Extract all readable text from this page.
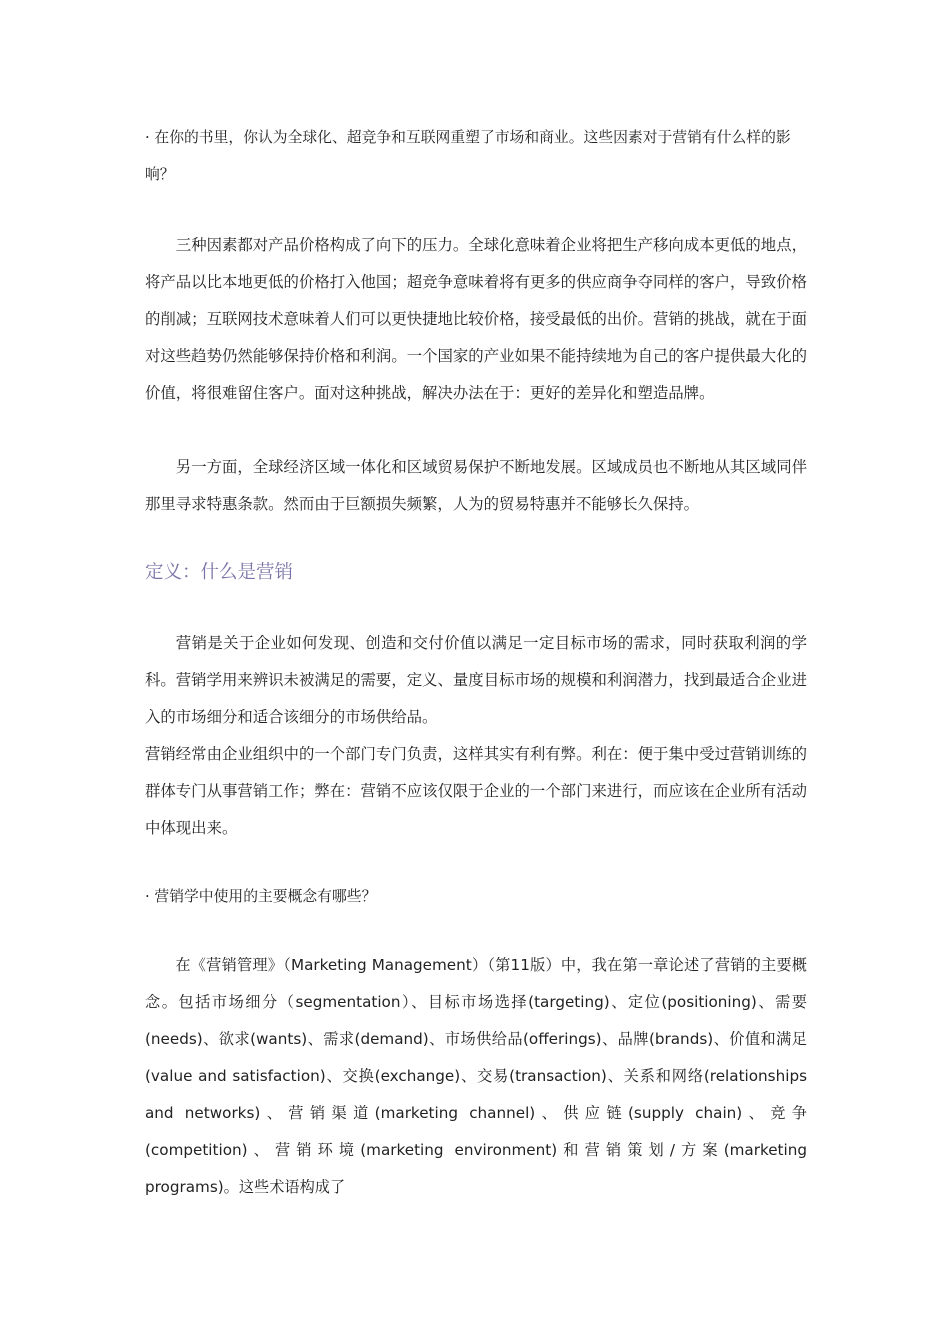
· 在你的书里，你认为全球化、超竞争和互联网重塑了市场和商业。这些因素对于营销有什么样的影响？

三种因素都对产品价格构成了向下的压力。全球化意味着企业将把生产移向成本更低的地点，将产品以比本地更低的价格打入他国；超竞争意味着将有更多的供应商争夺同样的客户，导致价格的削减；互联网技术意味着人们可以更快捷地比较价格，接受最低的出价。营销的挑战，就在于面对这些趋势仍然能够保持价格和利润。一个国家的产业如果不能持续地为自己的客户提供最大化的价值，将很难留住客户。面对这种挑战，解决办法在于：更好的差异化和塑造品牌。

另一方面，全球经济区域一体化和区域贸易保护不断地发展。区域成员也不断地从其区域同伴那里寻求特惠条款。然而由于巨额损失频繁，人为的贸易特惠并不能够长久保持。

定义：什么是营销

营销是关于企业如何发现、创造和交付价值以满足一定目标市场的需求，同时获取利润的学科。营销学用来辨识未被满足的需要，定义、量度目标市场的规模和利润潜力，找到最适合企业进入的市场细分和适合该细分的市场供给品。

营销经常由企业组织中的一个部门专门负责，这样其实有利有弊。利在：便于集中受过营销训练的群体专门从事营销工作；弊在：营销不应该仅限于企业的一个部门来进行，而应该在企业所有活动中体现出来。

· 营销学中使用的主要概念有哪些？

在《营销管理》（Marketing Management）（第11版）中，我在第一章论述了营销的主要概念。包括市场细分（segmentation）、目标市场选择(targeting)、定位(positioning)、需要(needs)、欲求(wants)、需求(demand)、市场供给品(offerings)、品牌(brands)、价值和满足(value and satisfaction)、交换(exchange)、交易(transaction)、关系和网络(relationships and networks)、营销渠道(marketing channel)、供应链(supply chain)、竞争(competition)、营销环境(marketing environment)和营销策划/方案(marketing programs)。这些术语构成了
